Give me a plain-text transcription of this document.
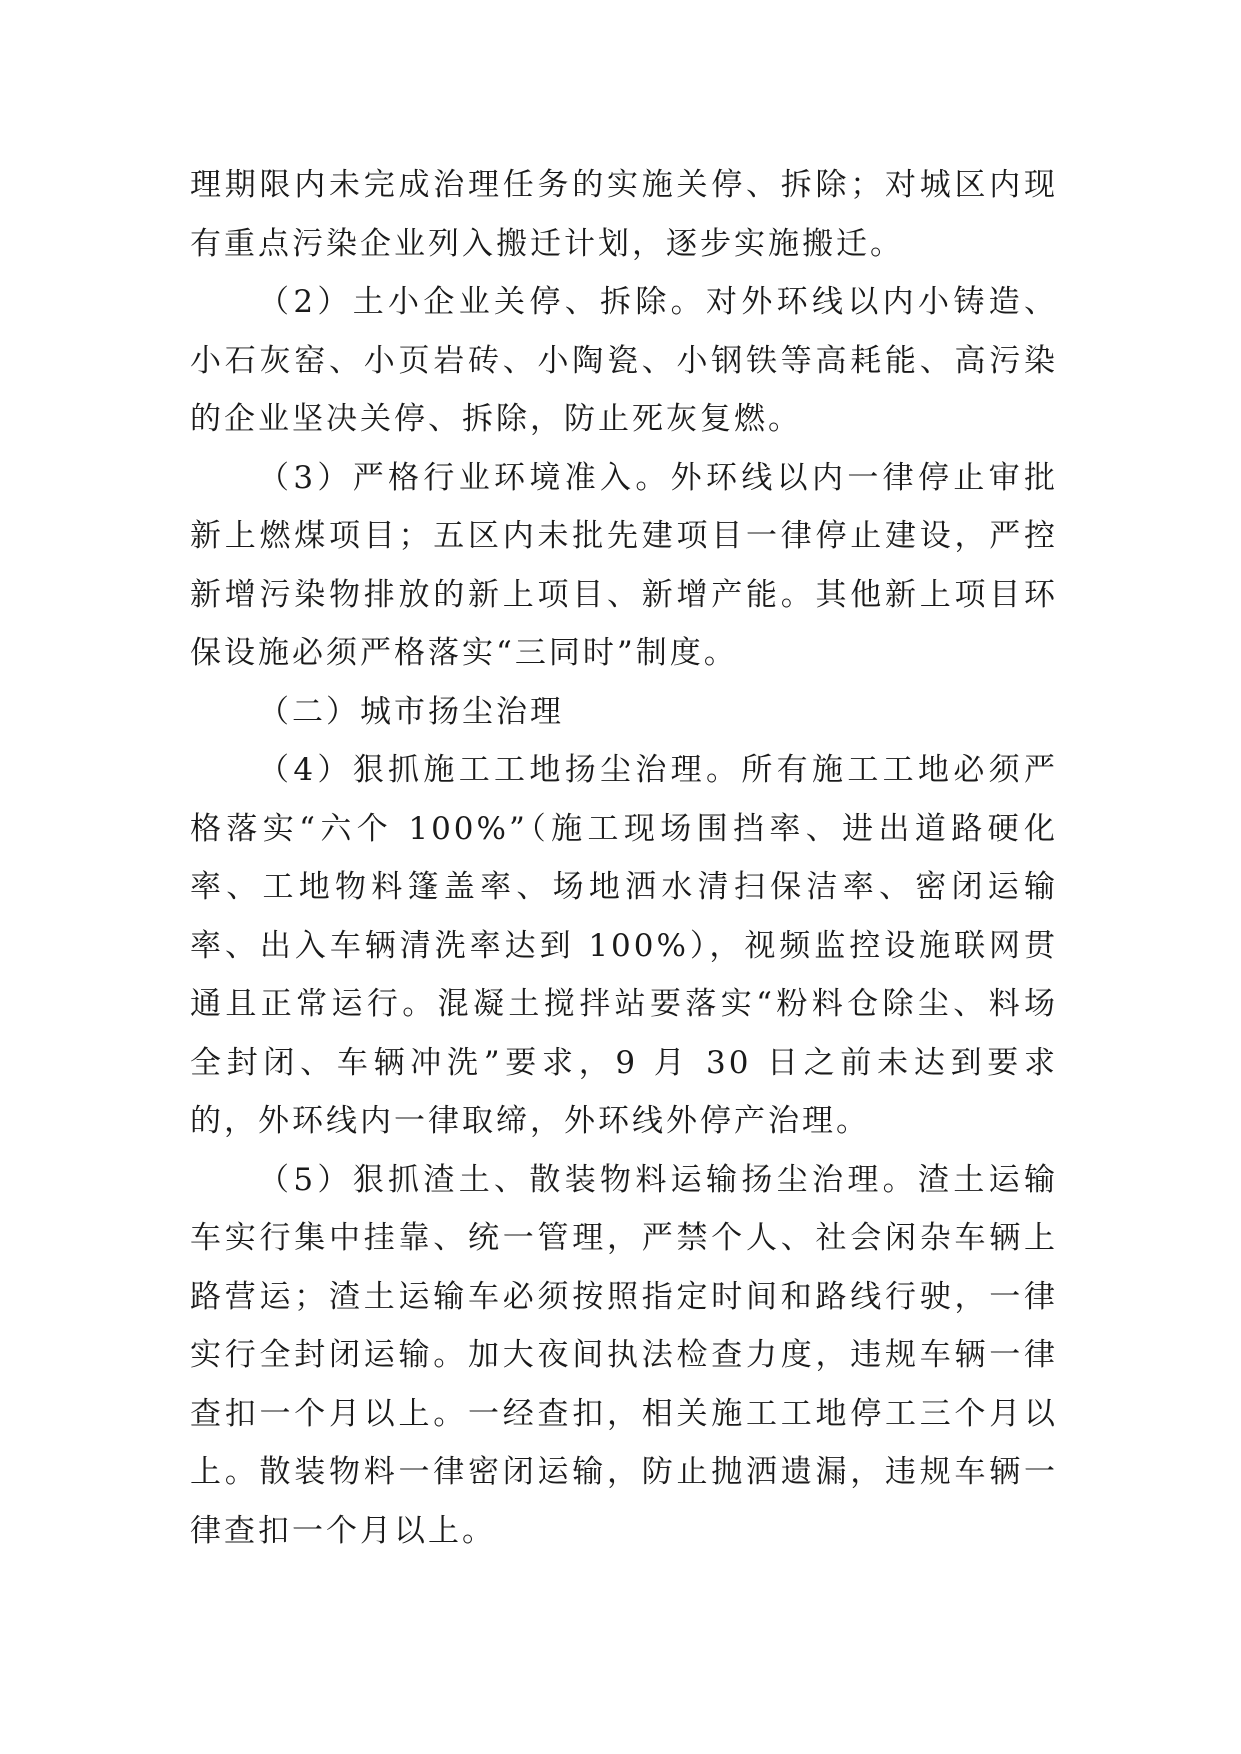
理期限内未完成治理任务的实施关停、拆除；对城区内现有重点污染企业列入搬迁计划，逐步实施搬迁。

（2）土小企业关停、拆除。对外环线以内小铸造、小石灰窑、小页岩砖、小陶瓷、小钢铁等高耗能、高污染的企业坚决关停、拆除，防止死灰复燃。

（3）严格行业环境准入。外环线以内一律停止审批新上燃煤项目；五区内未批先建项目一律停止建设，严控新增污染物排放的新上项目、新增产能。其他新上项目环保设施必须严格落实“三同时”制度。

（二）城市扬尘治理

（4）狠抓施工工地扬尘治理。所有施工工地必须严格落实“六个 100%”（施工现场围挡率、进出道路硬化率、工地物料篷盖率、场地洒水清扫保洁率、密闭运输率、出入车辆清洗率达到 100%），视频监控设施联网贯通且正常运行。混凝土搅拌站要落实“粉料仓除尘、料场全封闭、车辆冲洗”要求，9 月 30 日之前未达到要求的，外环线内一律取缔，外环线外停产治理。

（5）狠抓渣土、散装物料运输扬尘治理。渣土运输车实行集中挂靠、统一管理，严禁个人、社会闲杂车辆上路营运；渣土运输车必须按照指定时间和路线行驶，一律实行全封闭运输。加大夜间执法检查力度，违规车辆一律查扣一个月以上。一经查扣，相关施工工地停工三个月以上。散装物料一律密闭运输，防止抛洒遗漏，违规车辆一律查扣一个月以上。
